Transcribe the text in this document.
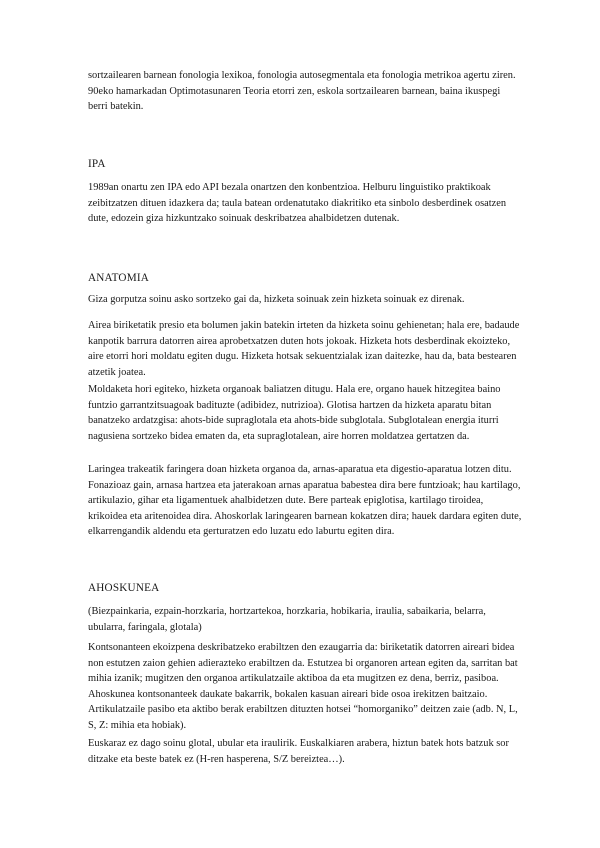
sortzailearen barnean fonologia lexikoa, fonologia autosegmentala eta fonologia metrikoa agertu ziren.

90eko hamarkadan Optimotasunaren Teoria etorri zen, eskola sortzailearen barnean, baina ikuspegi berri batekin.

IPA

1989an onartu zen IPA edo API bezala onartzen den konbentzioa. Helburu linguistiko praktikoak zeibitzatzen dituen idazkera da; taula batean ordenatutako diakritiko eta sinbolo desberdinek osatzen dute, edozein giza hizkuntzako soinuak deskribatzea ahalbidetzen dutenak.

ANATOMIA

Giza gorputza soinu asko sortzeko gai da, hizketa soinuak zein hizketa soinuak ez direnak.

Airea biriketatik presio eta bolumen jakin batekin irteten da hizketa soinu gehienetan; hala ere, badaude kanpotik barrura datorren airea aprobetxatzen duten hots jokoak. Hizketa hots desberdinak ekoizteko, aire etorri hori moldatu egiten dugu. Hizketa hotsak sekuentzialak izan daitezke, hau da, bata bestearen atzetik joatea.

Moldaketa hori egiteko, hizketa organoak baliatzen ditugu. Hala ere, organo hauek hitzegitea baino funtzio garrantzitsuagoak badituzte (adibidez, nutrizioa). Glotisa hartzen da hizketa aparatu bitan banatzeko ardatzgisa: ahots-bide supraglotala eta ahots-bide subglotala. Subglotalean energia iturri nagusiena sortzeko bidea ematen da, eta supraglotalean, aire horren moldatzea gertatzen da.

Laringea trakeatik faringera doan hizketa organoa da, arnas-aparatua eta digestio-aparatua lotzen ditu. Fonazioaz gain, arnasa hartzea eta jaterakoan arnas aparatua babestea dira bere funtzioak; hau kartilago, artikulazio, gihar eta ligamentuek ahalbidetzen dute. Bere parteak epiglotisa, kartilago tiroidea, krikoidea eta aritenoidea dira. Ahoskorlak laringearen barnean kokatzen dira; hauek dardara egiten dute, elkarrengandik aldendu eta gerturatzen edo luzatu edo laburtu egiten dira.

AHOSKUNEA

(Biezpainkaria, ezpain-horzkaria, hortzartekoa, horzkaria, hobikaria, iraulia, sabaikaria, belarra, ubularra, faringala, glotala)

Kontsonanteen ekoizpena deskribatzeko erabiltzen den ezaugarria da: biriketatik datorren aireari bidea non estutzen zaion gehien adierazteko erabiltzen da. Estutzea bi organoren artean egiten da, sarritan bat mihia izanik; mugitzen den organoa artikulatzaile aktiboa da eta mugitzen ez dena, berriz, pasiboa. Ahoskunea kontsonanteek daukate bakarrik, bokalen kasuan aireari bide osoa irekitzen baitzaio. Artikulatzaile pasibo eta aktibo berak erabiltzen dituzten hotsei “homorganiko” deitzen zaie (adb. N, L, S, Z: mihia eta hobiak).

Euskaraz ez dago soinu glotal, ubular eta iraulirik. Euskalkiaren arabera, hiztun batek hots batzuk sor ditzake eta beste batek ez (H-ren hasperena, S/Z bereiztea…).
